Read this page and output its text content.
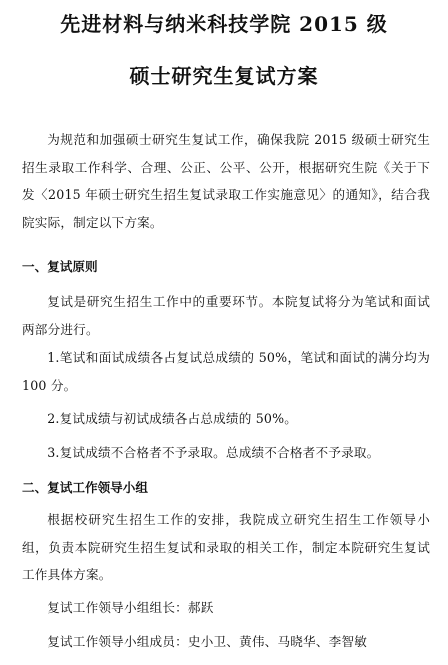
先进材料与纳米科技学院 2015 级
硕士研究生复试方案
为规范和加强硕士研究生复试工作，确保我院 2015 级硕士研究生招生录取工作科学、合理、公正、公平、公开，根据研究生院《关于下发〈2015 年硕士研究生招生复试录取工作实施意见〉的通知》，结合我院实际，制定以下方案。
一、复试原则
复试是研究生招生工作中的重要环节。本院复试将分为笔试和面试两部分进行。
1.笔试和面试成绩各占复试总成绩的 50%，笔试和面试的满分均为 100 分。
2.复试成绩与初试成绩各占总成绩的 50%。
3.复试成绩不合格者不予录取。总成绩不合格者不予录取。
二、复试工作领导小组
根据校研究生招生工作的安排，我院成立研究生招生工作领导小组，负责本院研究生招生复试和录取的相关工作，制定本院研究生复试工作具体方案。
复试工作领导小组组长：郝跃
复试工作领导小组成员：史小卫、黄伟、马晓华、李智敏
